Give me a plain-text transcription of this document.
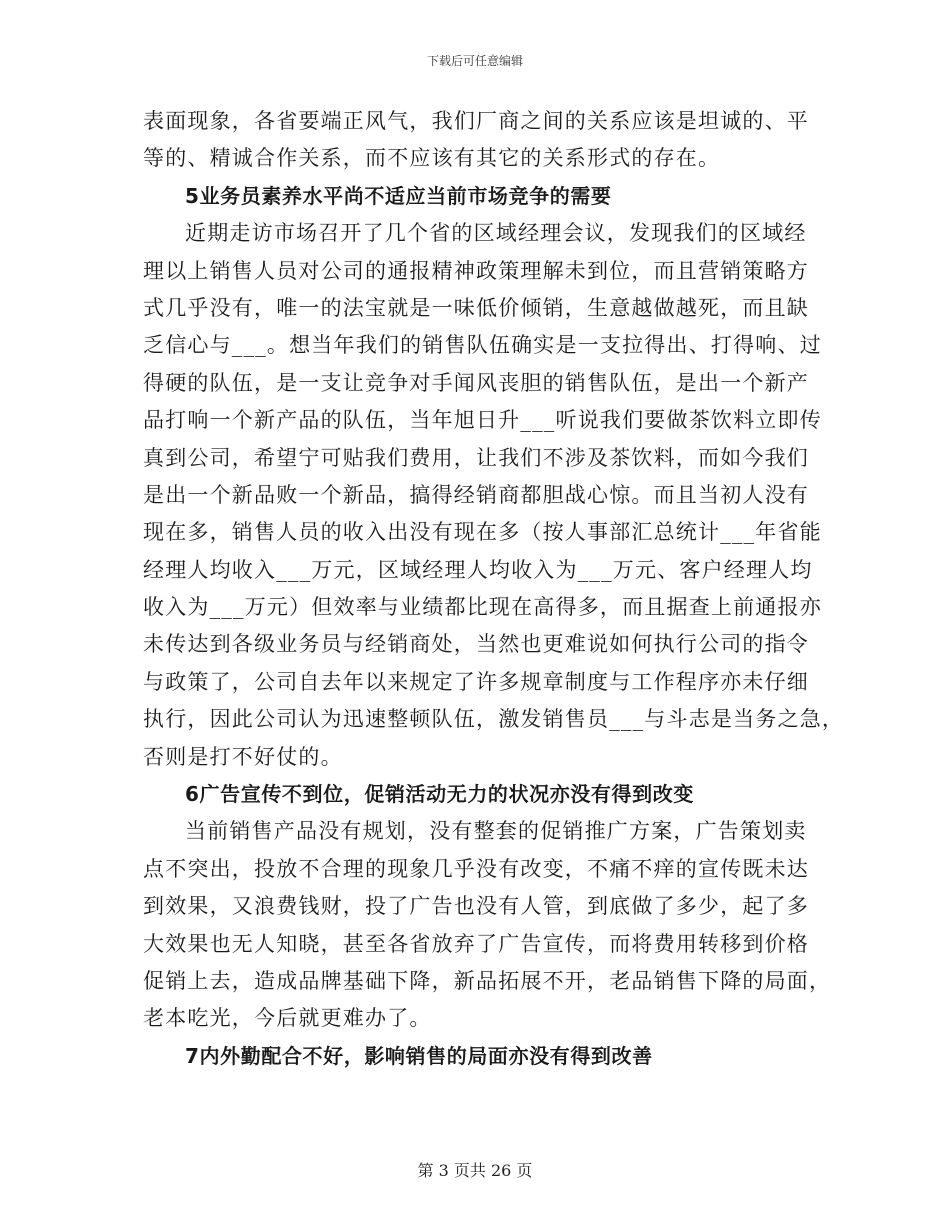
下载后可任意编辑
表面现象，各省要端正风气，我们厂商之间的关系应该是坦诚的、平
等的、精诚合作关系，而不应该有其它的关系形式的存在。
5业务员素养水平尚不适应当前市场竞争的需要
近期走访市场召开了几个省的区域经理会议，发现我们的区域经
理以上销售人员对公司的通报精神政策理解未到位，而且营销策略方
式几乎没有，唯一的法宝就是一味低价倾销，生意越做越死，而且缺
乏信心与___。想当年我们的销售队伍确实是一支拉得出、打得响、过
得硬的队伍，是一支让竞争对手闻风丧胆的销售队伍，是出一个新产
品打响一个新产品的队伍，当年旭日升___听说我们要做茶饮料立即传
真到公司，希望宁可贴我们费用，让我们不涉及茶饮料，而如今我们
是出一个新品败一个新品，搞得经销商都胆战心惊。而且当初人没有
现在多，销售人员的收入出没有现在多（按人事部汇总统计___年省能
经理人均收入___万元，区域经理人均收入为___万元、客户经理人均
收入为___万元）但效率与业绩都比现在高得多，而且据查上前通报亦
未传达到各级业务员与经销商处，当然也更难说如何执行公司的指令
与政策了，公司自去年以来规定了许多规章制度与工作程序亦未仔细
执行，因此公司认为迅速整顿队伍，激发销售员___与斗志是当务之急，
否则是打不好仗的。
6广告宣传不到位，促销活动无力的状况亦没有得到改变
当前销售产品没有规划，没有整套的促销推广方案，广告策划卖
点不突出，投放不合理的现象几乎没有改变，不痛不痒的宣传既未达
到效果，又浪费钱财，投了广告也没有人管，到底做了多少，起了多
大效果也无人知晓，甚至各省放弃了广告宣传，而将费用转移到价格
促销上去，造成品牌基础下降，新品拓展不开，老品销售下降的局面，
老本吃光，今后就更难办了。
7内外勤配合不好，影响销售的局面亦没有得到改善
第 3 页共 26 页
